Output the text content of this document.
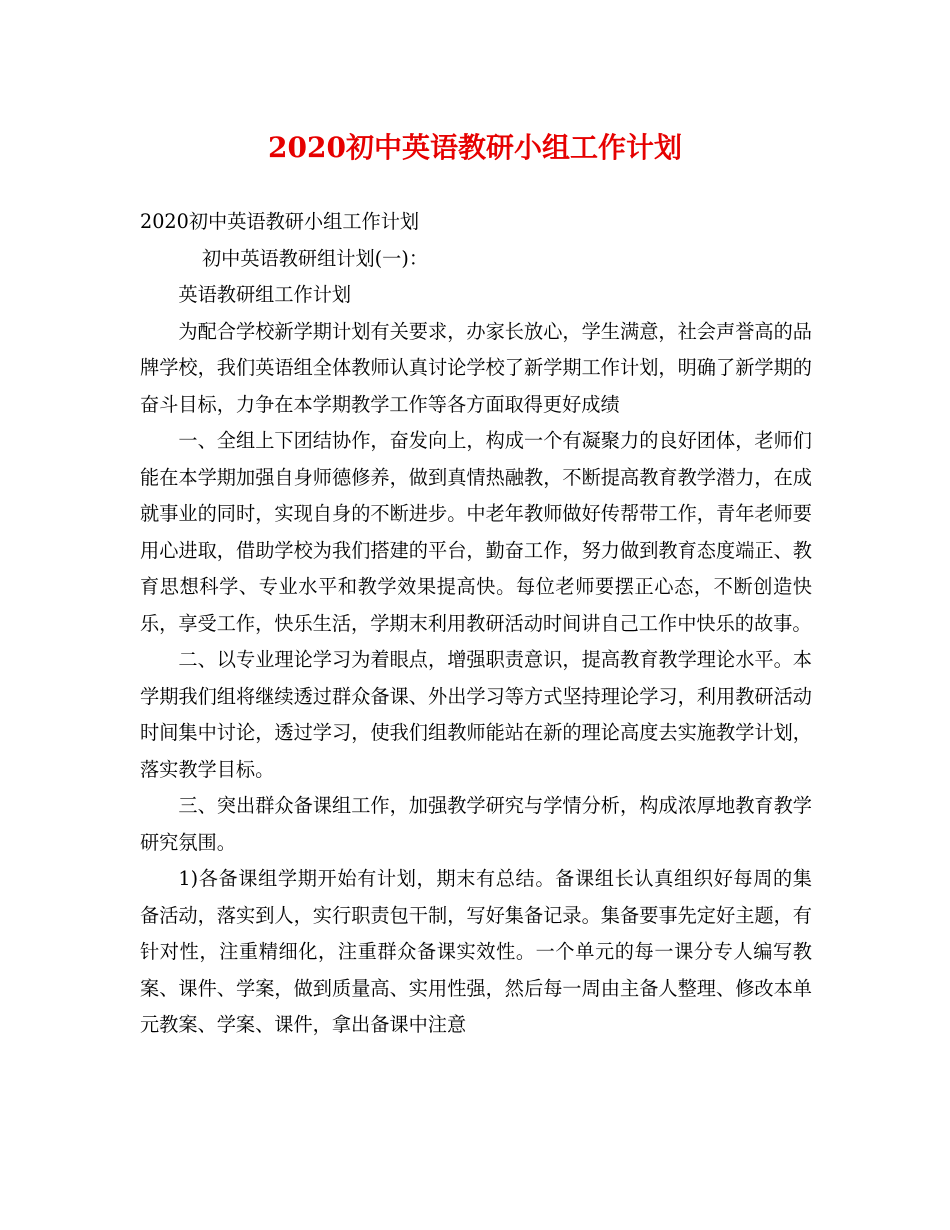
2020初中英语教研小组工作计划

2020初中英语教研小组工作计划

初中英语教研组计划(一)：

英语教研组工作计划

为配合学校新学期计划有关要求，办家长放心，学生满意，社会声誉高的品牌学校，我们英语组全体教师认真讨论学校了新学期工作计划，明确了新学期的奋斗目标，力争在本学期教学工作等各方面取得更好成绩

一、全组上下团结协作，奋发向上，构成一个有凝聚力的良好团体，老师们能在本学期加强自身师德修养，做到真情热融教，不断提高教育教学潜力，在成就事业的同时，实现自身的不断进步。中老年教师做好传帮带工作，青年老师要用心进取，借助学校为我们搭建的平台，勤奋工作，努力做到教育态度端正、教育思想科学、专业水平和教学效果提高快。每位老师要摆正心态，不断创造快乐，享受工作，快乐生活，学期末利用教研活动时间讲自己工作中快乐的故事。

二、以专业理论学习为着眼点，增强职责意识，提高教育教学理论水平。本学期我们组将继续透过群众备课、外出学习等方式坚持理论学习，利用教研活动时间集中讨论，透过学习，使我们组教师能站在新的理论高度去实施教学计划，落实教学目标。

三、突出群众备课组工作，加强教学研究与学情分析，构成浓厚地教育教学研究氛围。

1)各备课组学期开始有计划，期末有总结。备课组长认真组织好每周的集备活动，落实到人，实行职责包干制，写好集备记录。集备要事先定好主题，有针对性，注重精细化，注重群众备课实效性。一个单元的每一课分专人编写教案、课件、学案，做到质量高、实用性强，然后每一周由主备人整理、修改本单元教案、学案、课件，拿出备课中注意
